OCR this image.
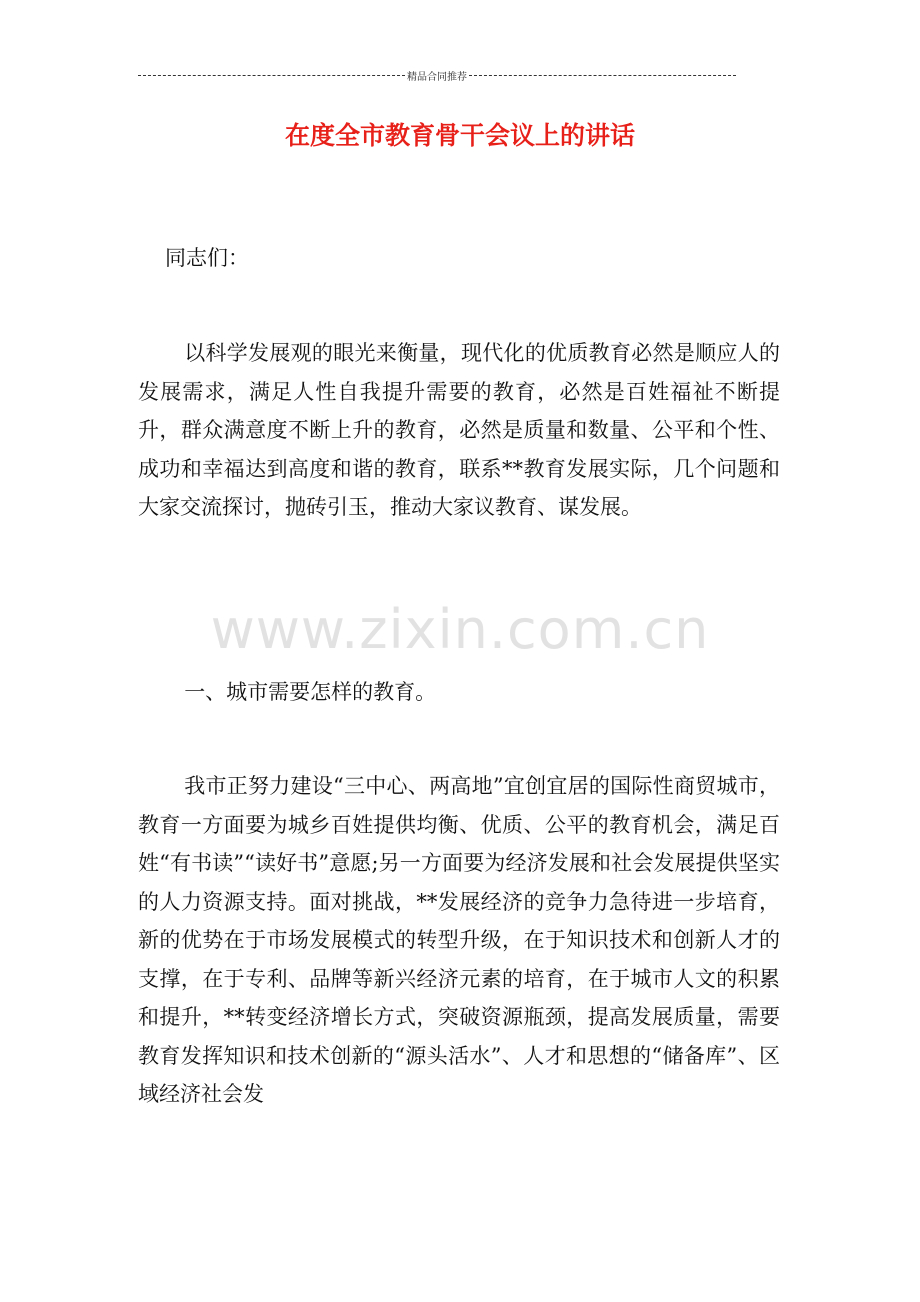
精品合同推荐
在度全市教育骨干会议上的讲话

同志们：

以科学发展观的眼光来衡量，现代化的优质教育必然是顺应人的发展需求，满足人性自我提升需要的教育，必然是百姓福祉不断提升，群众满意度不断上升的教育，必然是质量和数量、公平和个性、成功和幸福达到高度和谐的教育，联系**教育发展实际，几个问题和大家交流探讨，抛砖引玉，推动大家议教育、谋发展。

一、城市需要怎样的教育。

我市正努力建设“三中心、两高地”宜创宜居的国际性商贸城市，教育一方面要为城乡百姓提供均衡、优质、公平的教育机会，满足百姓“有书读”“读好书”意愿;另一方面要为经济发展和社会发展提供坚实的人力资源支持。面对挑战，**发展经济的竞争力急待进一步培育，新的优势在于市场发展模式的转型升级，在于知识技术和创新人才的支撑，在于专利、品牌等新兴经济元素的培育，在于城市人文的积累和提升，**转变经济增长方式，突破资源瓶颈，提高发展质量，需要教育发挥知识和技术创新的“源头活水”、人才和思想的“储备库”、区域经济社会发

www.zixin.com.cn
